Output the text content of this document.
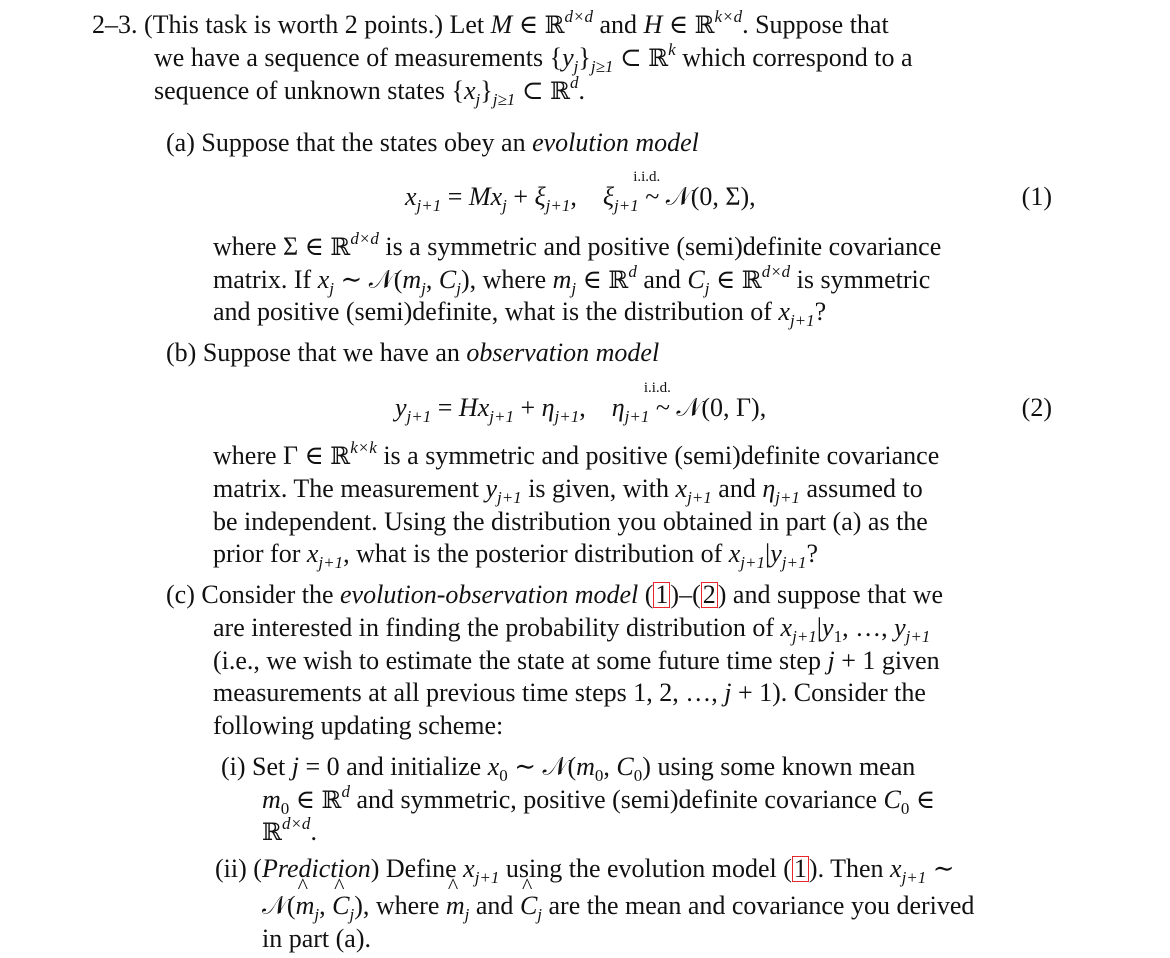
2–3. (This task is worth 2 points.) Let M ∈ ℝ$^{d\times d}$ and H ∈ ℝ$^{k\times d}$. Suppose that
we have a sequence of measurements $\{y_j\}_{j\ge 1}$ ⊂ ℝ$^k$ which correspond to a
sequence of unknown states $\{x_j\}_{j\ge 1}$ ⊂ ℝ$^d$.
(a) Suppose that the states obey an evolution model
$x_{j+1} = Mx_j + \xi_{j+1}$,    $\xi_{j+1}$
i.i.d.
~ 𝒩(0, Σ),	(1)
where Σ ∈ ℝ$^{d\times d}$ is a symmetric and positive (semi)definite covariance
matrix. If $x_j$ ∼ $𝒩(m_j$, $C_j$), where $m_j$ ∈ ℝ$^d$ and $C_j$ ∈ ℝ$^{d\times d}$ is symmetric
and positive (semi)definite, what is the distribution of $x_{j+1}$?
(b) Suppose that we have an observation model
$y_{j+1} = Hx_{j+1} + \eta_{j+1}$,    $\eta_{j+1}$
i.i.d.
~ 𝒩(0, Γ),	(2)
where Γ ∈ ℝ$^{k\times k}$ is a symmetric and positive (semi)definite covariance
matrix. The measurement $y_{j+1}$ is given, with $x_{j+1}$ and $\eta_{j+1}$ assumed to
be independent. Using the distribution you obtained in part (a) as the
prior for $x_{j+1}$, what is the posterior distribution of $x_{j+1}|y_{j+1}$?
(c) Consider the evolution-observation model (1)–(2) and suppose that we
are interested in finding the probability distribution of $x_{j+1}|y_1$, …, $y_{j+1}$
(i.e., we wish to estimate the state at some future time step j + 1 given
measurements at all previous time steps 1, 2, …, j + 1). Consider the
following updating scheme:
(i) Set j = 0 and initialize $x_0$ ∼ $𝒩(m_0$, $C_0$) using some known mean
$m_0$ ∈ ℝ$^d$ and symmetric, positive (semi)definite covariance $C_0$ ∈
ℝ$^{d\times d}$.
(ii) (Prediction) Define $x_{j+1}$ using the evolution model (1). Then $x_{j+1}$ ∼
𝒩(^ $m_j$, ^ $C_j$), where ^ $m_j$ and ^ $C_j$ are the mean and covariance you derived
in part (a).
